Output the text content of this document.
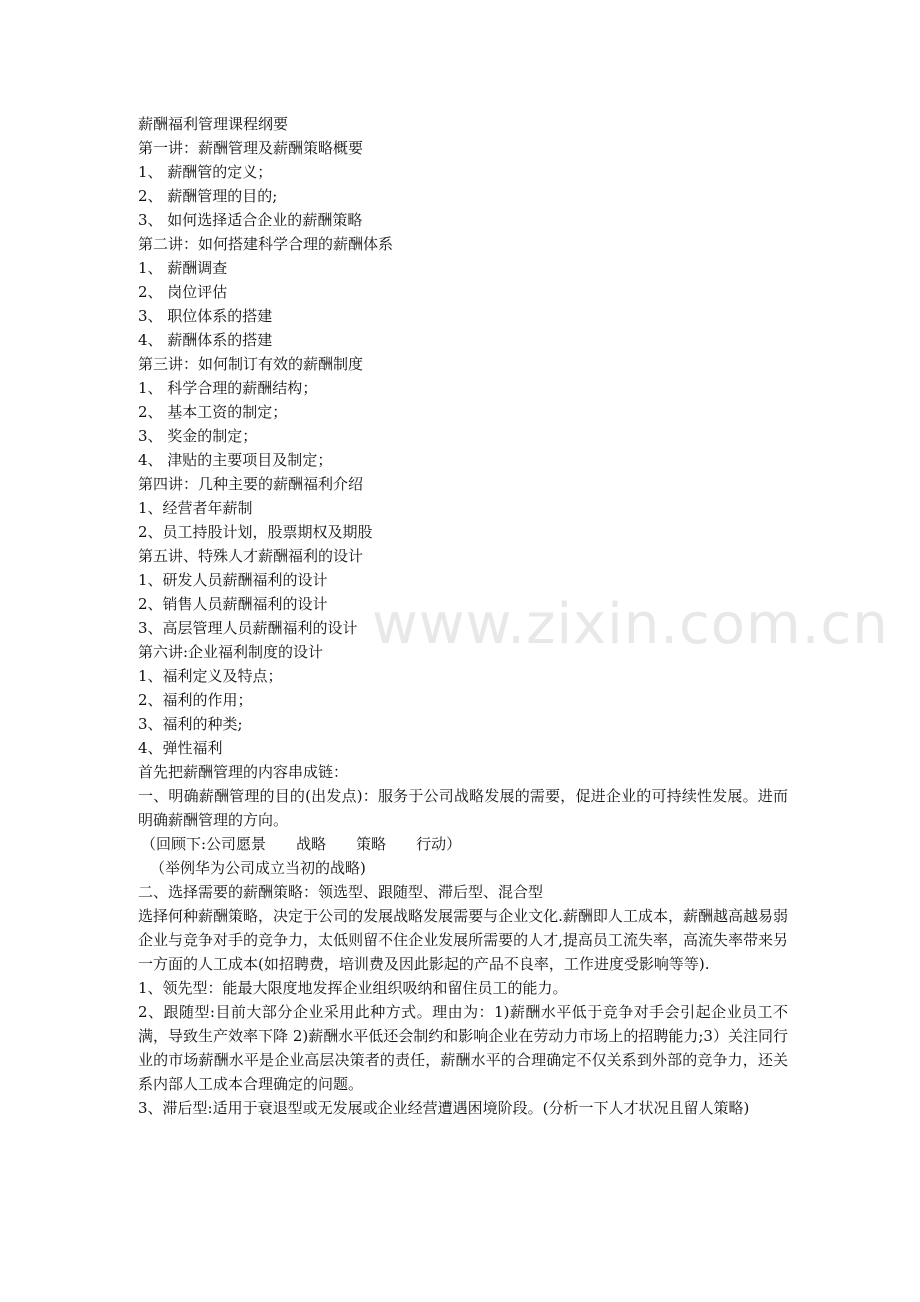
薪酬福利管理课程纲要

第一讲：薪酬管理及薪酬策略概要

1、 薪酬管的定义；

2、 薪酬管理的目的;

3、 如何选择适合企业的薪酬策略

第二讲：如何搭建科学合理的薪酬体系

1、 薪酬调查

2、 岗位评估

3、 职位体系的搭建

4、 薪酬体系的搭建

第三讲：如何制订有效的薪酬制度

1、 科学合理的薪酬结构；

2、 基本工资的制定；

3、 奖金的制定；

4、 津贴的主要项目及制定；

第四讲：几种主要的薪酬福利介绍

1、经营者年薪制

2、员工持股计划，股票期权及期股

第五讲、特殊人才薪酬福利的设计

1、研发人员薪酬福利的设计

2、销售人员薪酬福利的设计

3、高层管理人员薪酬福利的设计

第六讲:企业福利制度的设计

1、福利定义及特点；

2、福利的作用；

3、福利的种类;

4、弹性福利

首先把薪酬管理的内容串成链：

一、明确薪酬管理的目的(出发点)：服务于公司战略发展的需要，促进企业的可持续性发展。进而明确薪酬管理的方向。

（回顾下:公司愿景 战略 策略 行动）

（举例华为公司成立当初的战略)

二、选择需要的薪酬策略：领选型、跟随型、滞后型、混合型

选择何种薪酬策略，决定于公司的发展战略发展需要与企业文化.薪酬即人工成本，薪酬越高越易弱企业与竞争对手的竞争力，太低则留不住企业发展所需要的人才,提高员工流失率，高流失率带来另一方面的人工成本(如招聘费，培训费及因此影起的产品不良率，工作进度受影响等等).

1、领先型：能最大限度地发挥企业组织吸纳和留住员工的能力。

2、跟随型:目前大部分企业采用此种方式。理由为：1)薪酬水平低于竞争对手会引起企业员工不满，导致生产效率下降 2)薪酬水平低还会制约和影响企业在劳动力市场上的招聘能力;3）关注同行业的市场薪酬水平是企业高层决策者的责任，薪酬水平的合理确定不仅关系到外部的竞争力，还关系内部人工成本合理确定的问题。

3、滞后型:适用于衰退型或无发展或企业经营遭遇困境阶段。(分析一下人才状况且留人策略)

www.zixin.com.cn
